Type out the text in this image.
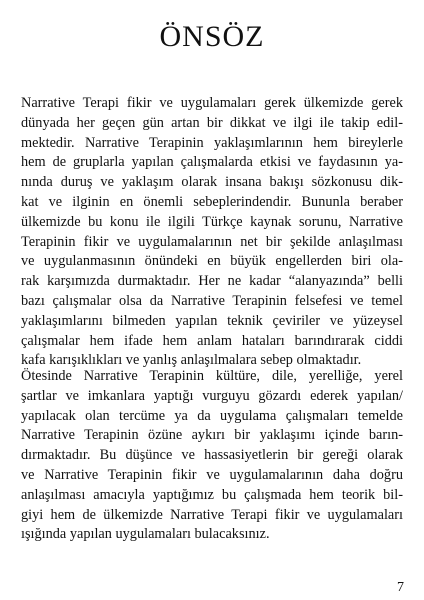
ÖNSÖZ
Narrative Terapi fikir ve uygulamaları gerek ülkemizde gerek
dünyada her geçen gün artan bir dikkat ve ilgi ile takip edil-
mektedir. Narrative Terapinin yaklaşımlarının hem bireylerle
hem de gruplarla yapılan çalışmalarda etkisi ve faydasının ya-
nında duruş ve yaklaşım olarak insana bakışı sözkonusu dik-
kat ve ilginin en önemli sebeplerindendir. Bununla beraber
ülkemizde bu konu ile ilgili Türkçe kaynak sorunu, Narrative
Terapinin fikir ve uygulamalarının net bir şekilde anlaşılması
ve uygulanmasının önündeki en büyük engellerden biri ola-
rak karşımızda durmaktadır. Her ne kadar “alanyazında” belli
bazı çalışmalar olsa da Narrative Terapinin felsefesi ve temel
yaklaşımlarını bilmeden yapılan teknik çeviriler ve yüzeysel
çalışmalar hem ifade hem anlam hataları barındırarak ciddi
kafa karışıklıkları ve yanlış anlaşılmalara sebep olmaktadır.
Ötesinde Narrative Terapinin kültüre, dile, yerelliğe, yerel
şartlar ve imkanlara yaptığı vurguyu gözardı ederek yapılan/
yapılacak olan tercüme ya da uygulama çalışmaları temelde
Narrative Terapinin özüne aykırı bir yaklaşımı içinde barın-
dırmaktadır. Bu düşünce ve hassasiyetlerin bir gereği olarak
ve Narrative Terapinin fikir ve uygulamalarının daha doğru
anlaşılması amacıyla yaptığımız bu çalışmada hem teorik bil-
giyi hem de ülkemizde Narrative Terapi fikir ve uygulamaları
ışığında yapılan uygulamaları bulacaksınız.
7
